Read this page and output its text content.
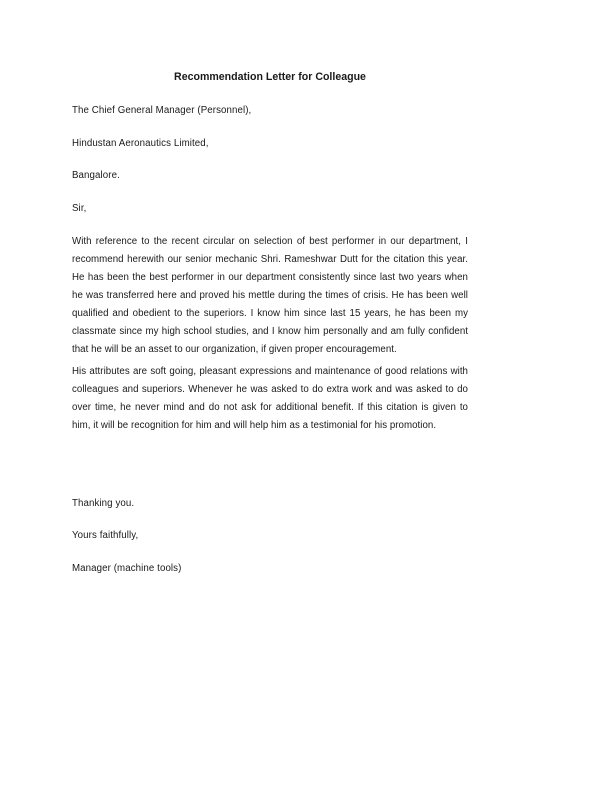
Recommendation Letter for Colleague

The Chief General Manager (Personnel),

Hindustan Aeronautics Limited,

Bangalore.

Sir,

With reference to the recent circular on selection of best performer in our department, I recommend herewith our senior mechanic Shri. Rameshwar Dutt for the citation this year. He has been the best performer in our department consistently since last two years when he was transferred here and proved his mettle during the times of crisis. He has been well qualified and obedient to the superiors. I know him since last 15 years, he has been my classmate since my high school studies, and I know him personally and am fully confident that he will be an asset to our organization, if given proper encouragement.

His attributes are soft going, pleasant expressions and maintenance of good relations with colleagues and superiors. Whenever he was asked to do extra work and was asked to do over time, he never mind and do not ask for additional benefit. If this citation is given to him, it will be recognition for him and will help him as a testimonial for his promotion.

Thanking you.

Yours faithfully,

Manager (machine tools)
